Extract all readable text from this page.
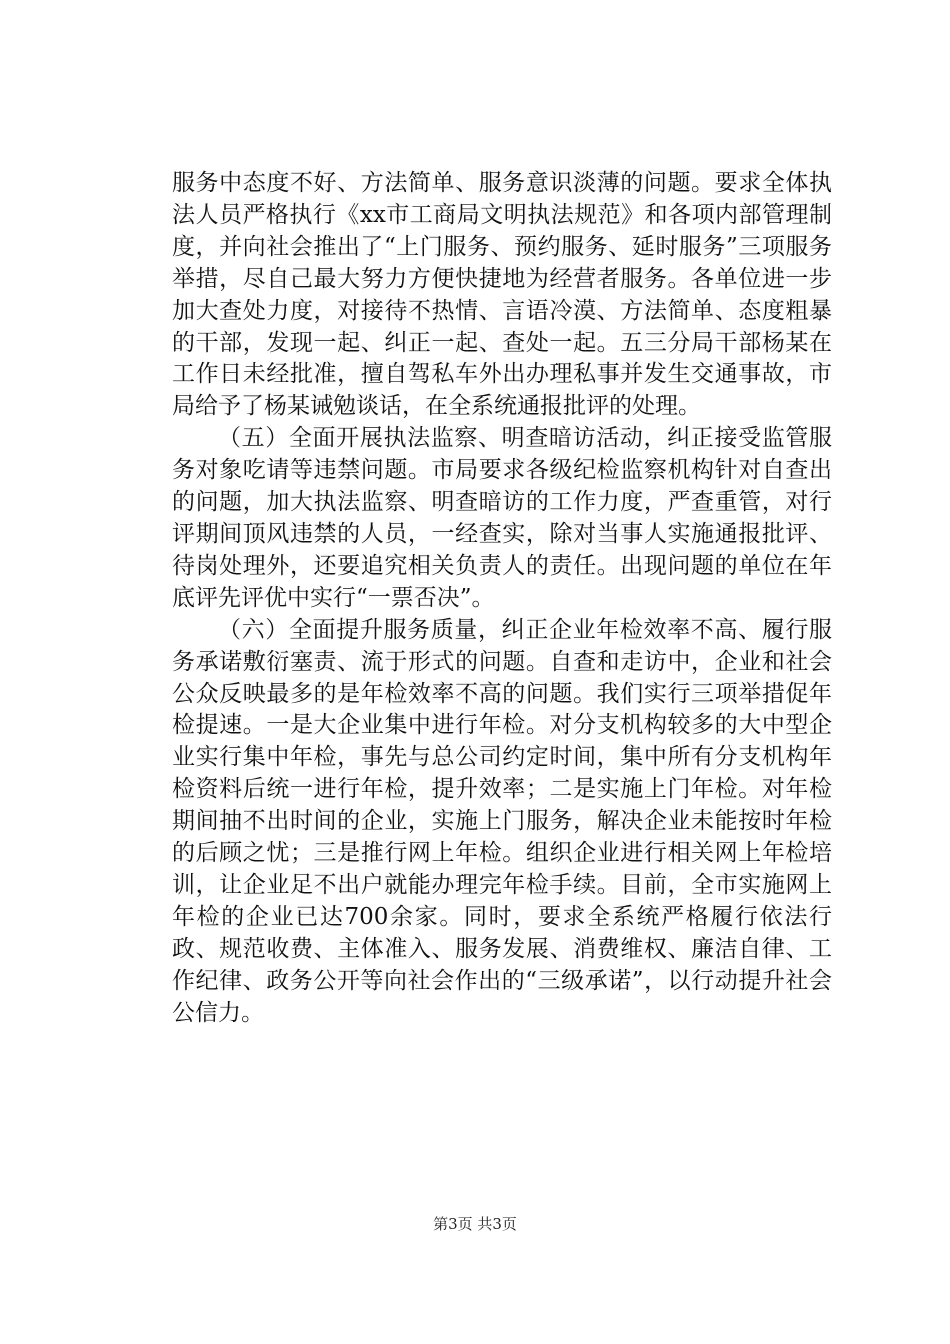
服务中态度不好、方法简单、服务意识淡薄的问题。要求全体执法人员严格执行《xx市工商局文明执法规范》和各项内部管理制度，并向社会推出了“上门服务、预约服务、延时服务”三项服务举措，尽自己最大努力方便快捷地为经营者服务。各单位进一步加大查处力度，对接待不热情、言语冷漠、方法简单、态度粗暴的干部，发现一起、纠正一起、查处一起。五三分局干部杨某在工作日未经批准，擅自驾私车外出办理私事并发生交通事故，市局给予了杨某诫勉谈话，在全系统通报批评的处理。

（五）全面开展执法监察、明查暗访活动，纠正接受监管服务对象吃请等违禁问题。市局要求各级纪检监察机构针对自查出的问题，加大执法监察、明查暗访的工作力度，严查重管，对行评期间顶风违禁的人员，一经查实，除对当事人实施通报批评、待岗处理外，还要追究相关负责人的责任。出现问题的单位在年底评先评优中实行“一票否决”。

（六）全面提升服务质量，纠正企业年检效率不高、履行服务承诺敷衍塞责、流于形式的问题。自查和走访中，企业和社会公众反映最多的是年检效率不高的问题。我们实行三项举措促年检提速。一是大企业集中进行年检。对分支机构较多的大中型企业实行集中年检，事先与总公司约定时间，集中所有分支机构年检资料后统一进行年检，提升效率；二是实施上门年检。对年检期间抽不出时间的企业，实施上门服务，解决企业未能按时年检的后顾之忧；三是推行网上年检。组织企业进行相关网上年检培训，让企业足不出户就能办理完年检手续。目前，全市实施网上年检的企业已达700余家。同时，要求全系统严格履行依法行政、规范收费、主体准入、服务发展、消费维权、廉洁自律、工作纪律、政务公开等向社会作出的“三级承诺”，以行动提升社会公信力。

第3页 共3页
